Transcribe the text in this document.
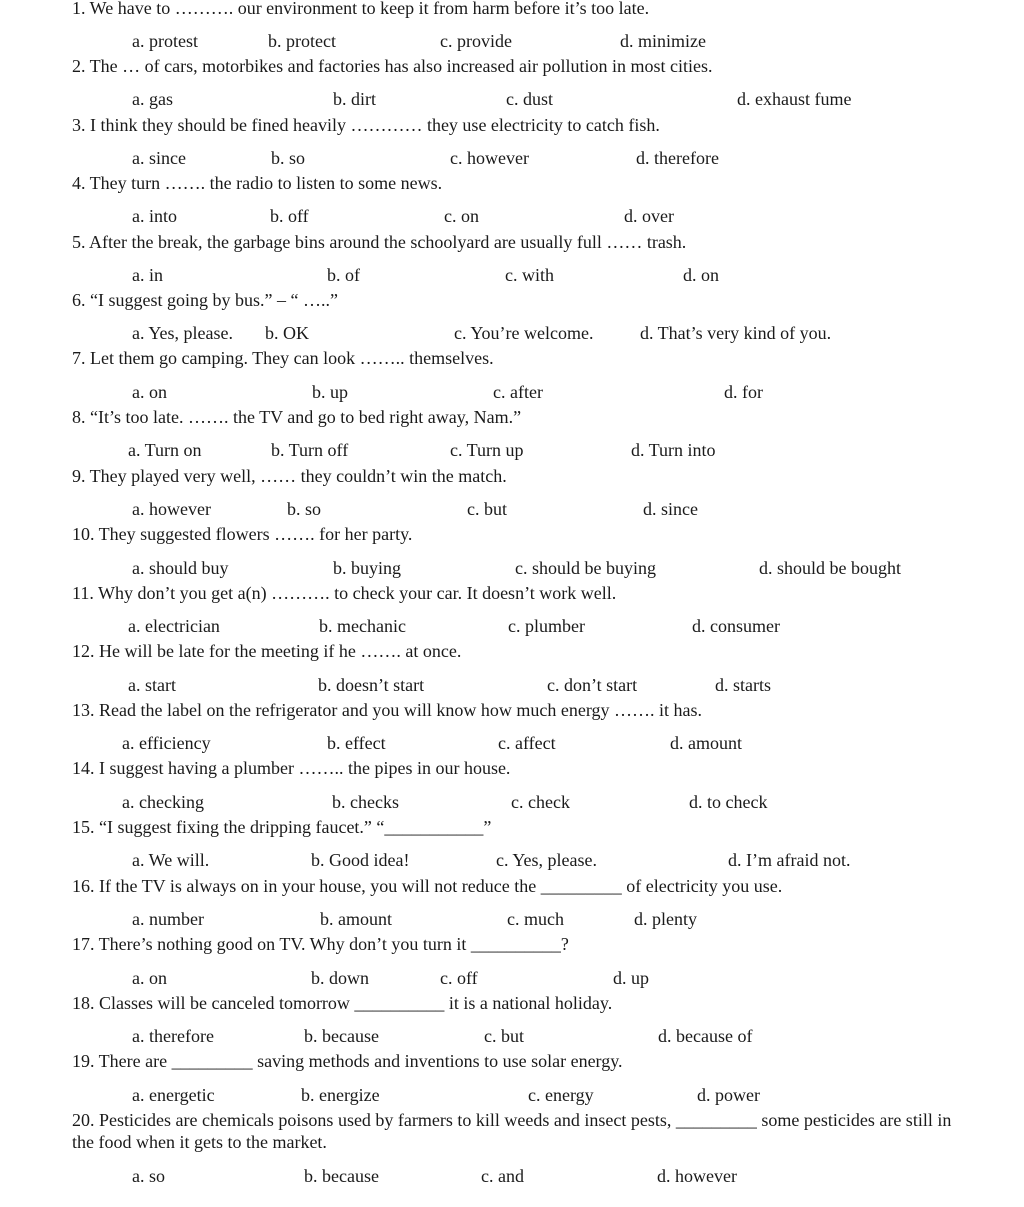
1. We have to ………. our environment to keep it from harm before it’s too late.
a. protest	b. protect	c. provide	d. minimize
2. The … of cars, motorbikes and factories has also increased air pollution in most cities.
a. gas	b. dirt	c. dust	d. exhaust fume
3. I think they should be fined heavily ………… they use electricity to catch fish.
a. since	b. so	c. however	d. therefore
4. They turn ……. the radio to listen to some news.
a. into	b. off	c. on	d. over
5. After the break, the garbage bins around the schoolyard are usually full …… trash.
a. in	b. of	c. with	d. on
6. “I suggest going by bus.” – “ …..”
a. Yes, please. b. OK	c. You’re welcome.	d. That’s very kind of you.
7. Let them go camping. They can look …….. themselves.
a. on	b. up	c. after	d. for
8. “It’s too late. ……. the TV and go to bed right away, Nam.”
a. Turn on	b. Turn off	c. Turn up	d. Turn into
9. They played very well, …… they couldn’t win the match.
a. however	b. so	c. but	d. since
10. They suggested flowers ……. for her party.
a. should buy	b. buying	c. should be buying	d. should be bought
11. Why don’t you get a(n) ………. to check your car. It doesn’t work well.
a. electrician	b. mechanic	c. plumber	d. consumer
12. He will be late for the meeting if he ……. at once.
a. start	b. doesn’t start	c. don’t start	d. starts
13. Read the label on the refrigerator and you will know how much energy ……. it has.
a. efficiency	b. effect	c. affect	d. amount
14. I suggest having a plumber …….. the pipes in our house.
a. checking	b. checks	c. check	d. to check
15. “I suggest fixing the dripping faucet.” “___________”
a. We will.	b. Good idea!	c. Yes, please.	d. I’m afraid not.
16. If the TV is always on in your house, you will not reduce the _________ of electricity you use.
a. number	b. amount	c. much	d. plenty
17. There’s nothing good on TV. Why don’t you turn it __________?
a. on	b. down	c. off	d. up
18. Classes will be canceled tomorrow __________ it is a national holiday.
a. therefore	b. because	c. but	d. because of
19. There are _________ saving methods and inventions to use solar energy.
a. energetic	b. energize	c. energy	d. power
20. Pesticides are chemicals poisons used by farmers to kill weeds and insect pests, _________ some pesticides are still in the food when it gets to the market.
a. so	b. because	c. and	d. however
